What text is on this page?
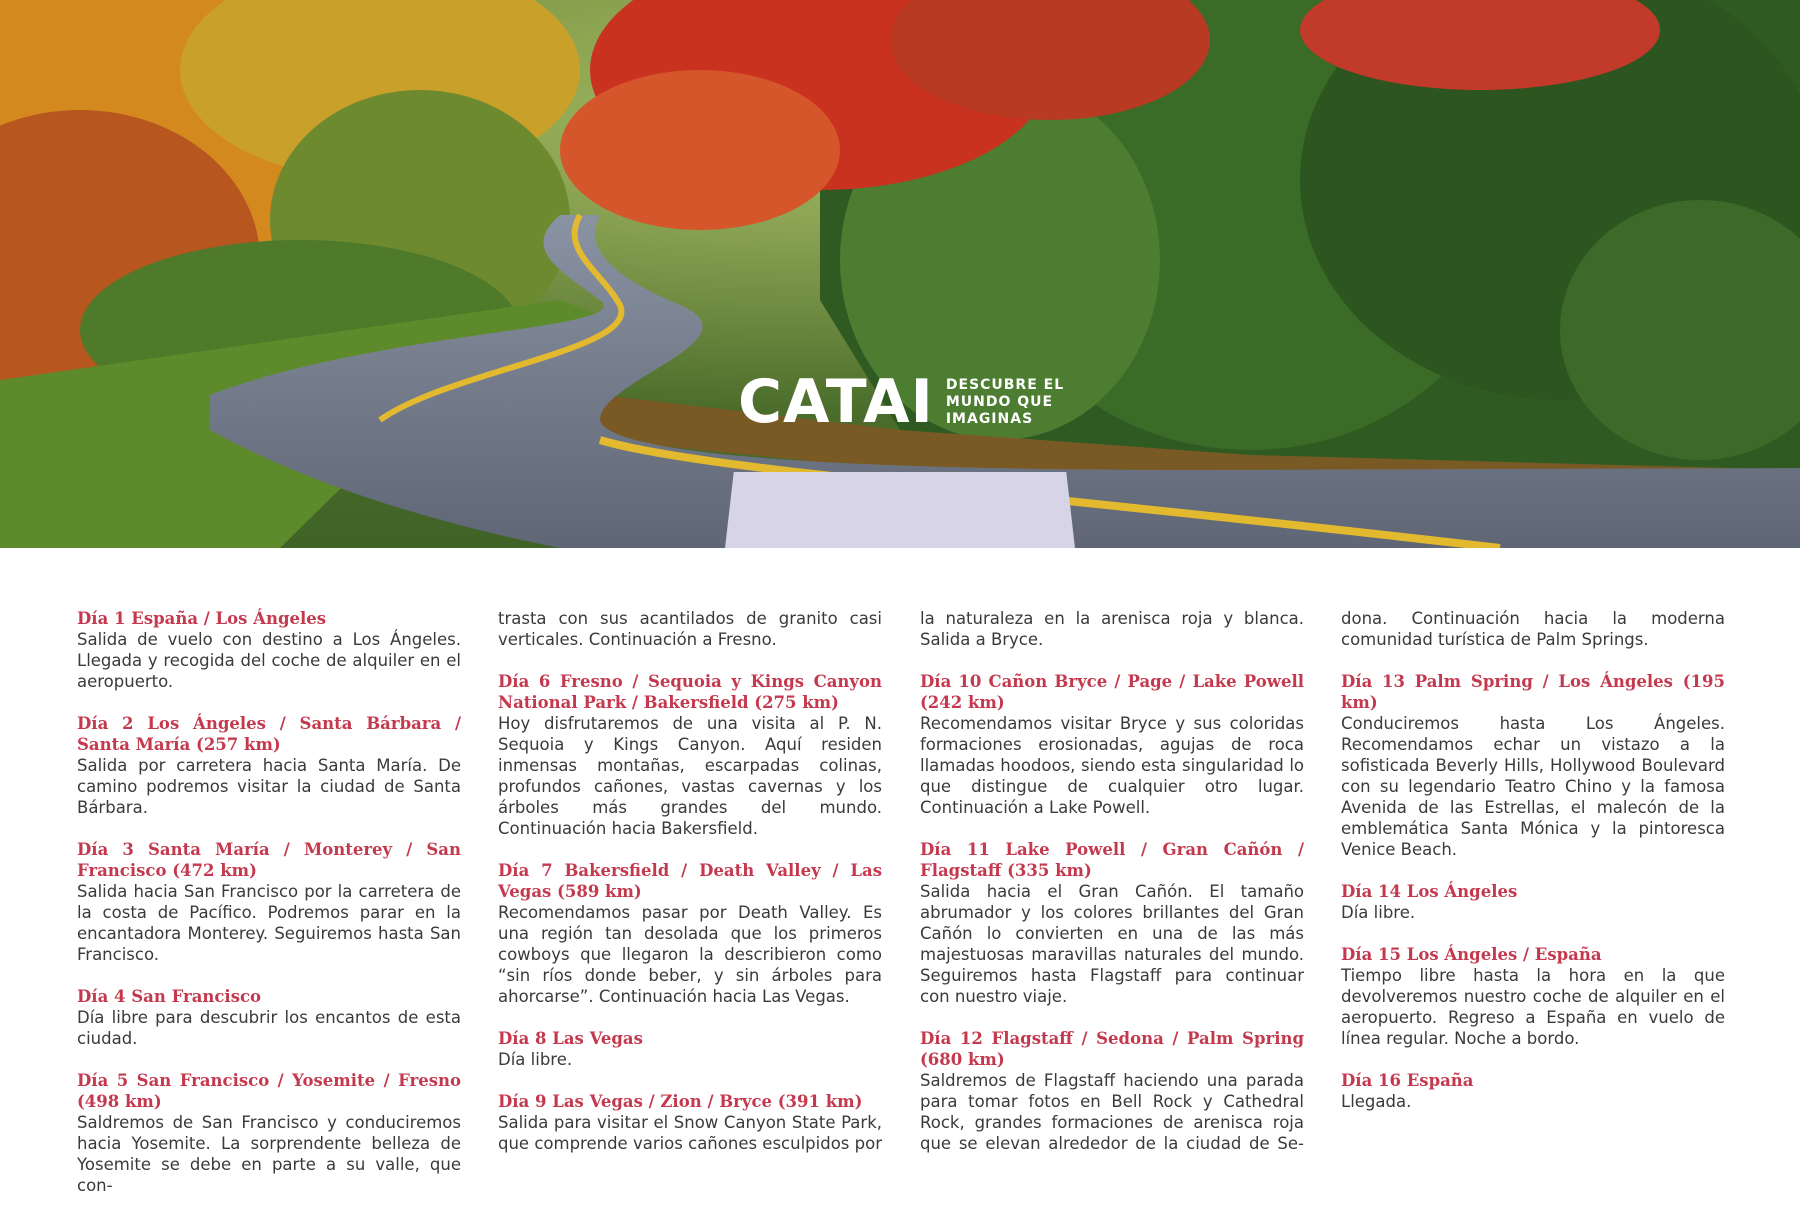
CATAI DESCUBRE EL
MUNDO QUE
IMAGINAS

Día 1 España / Los Ángeles

Salida de vuelo con destino a Los Ángeles. Llegada y recogida del coche de alquiler en el aeropuerto.

Día 2 Los Ángeles / Santa Bárbara / Santa María (257 km)

Salida por carretera hacia Santa María. De camino podremos visitar la ciudad de Santa Bárbara.

Día 3 Santa María / Monterey / San Francisco (472 km)

Salida hacia San Francisco por la carretera de la costa de Pacífico. Podremos parar en la encantadora Monterey. Seguiremos hasta San Francisco.

Día 4 San Francisco

Día libre para descubrir los encantos de esta ciudad.

Día 5 San Francisco / Yosemite / Fresno (498 km)

Saldremos de San Francisco y conduciremos hacia Yosemite. La sorprendente belleza de Yosemite se debe en parte a su valle, que con-

trasta con sus acantilados de granito casi verticales. Continuación a Fresno.

Día 6 Fresno / Sequoia y Kings Canyon National Park / Bakersfield (275 km)

Hoy disfrutaremos de una visita al P. N. Sequoia y Kings Canyon. Aquí residen inmensas montañas, escarpadas colinas, profundos cañones, vastas cavernas y los árboles más grandes del mundo. Continuación hacia Bakersfield.

Día 7 Bakersfield / Death Valley / Las Vegas (589 km)

Recomendamos pasar por Death Valley. Es una región tan desolada que los primeros cowboys que llegaron la describieron como “sin ríos donde beber, y sin árboles para ahorcarse”. Continuación hacia Las Vegas.

Día 8 Las Vegas

Día libre.

Día 9 Las Vegas / Zion / Bryce (391 km)

Salida para visitar el Snow Canyon State Park, que comprende varios cañones esculpidos por

la naturaleza en la arenisca roja y blanca. Salida a Bryce.

Día 10 Cañon Bryce / Page / Lake Powell (242 km)

Recomendamos visitar Bryce y sus coloridas formaciones erosionadas, agujas de roca llamadas hoodoos, siendo esta singularidad lo que distingue de cualquier otro lugar. Continuación a Lake Powell.

Día 11 Lake Powell / Gran Cañón / Flagstaff (335 km)

Salida hacia el Gran Cañón. El tamaño abrumador y los colores brillantes del Gran Cañón lo convierten en una de las más majestuosas maravillas naturales del mundo. Seguiremos hasta Flagstaff para continuar con nuestro viaje.

Día 12 Flagstaff / Sedona / Palm Spring (680 km)

Saldremos de Flagstaff haciendo una parada para tomar fotos en Bell Rock y Cathedral Rock, grandes formaciones de arenisca roja que se elevan alrededor de la ciudad de Se-

dona. Continuación hacia la moderna comunidad turística de Palm Springs.

Día 13 Palm Spring / Los Ángeles (195 km)

Conduciremos hasta Los Ángeles. Recomendamos echar un vistazo a la sofisticada Beverly Hills, Hollywood Boulevard con su legendario Teatro Chino y la famosa Avenida de las Estrellas, el malecón de la emblemática Santa Mónica y la pintoresca Venice Beach.

Día 14 Los Ángeles

Día libre.

Día 15 Los Ángeles / España

Tiempo libre hasta la hora en la que devolveremos nuestro coche de alquiler en el aeropuerto. Regreso a España en vuelo de línea regular. Noche a bordo.

Día 16 España

Llegada.
